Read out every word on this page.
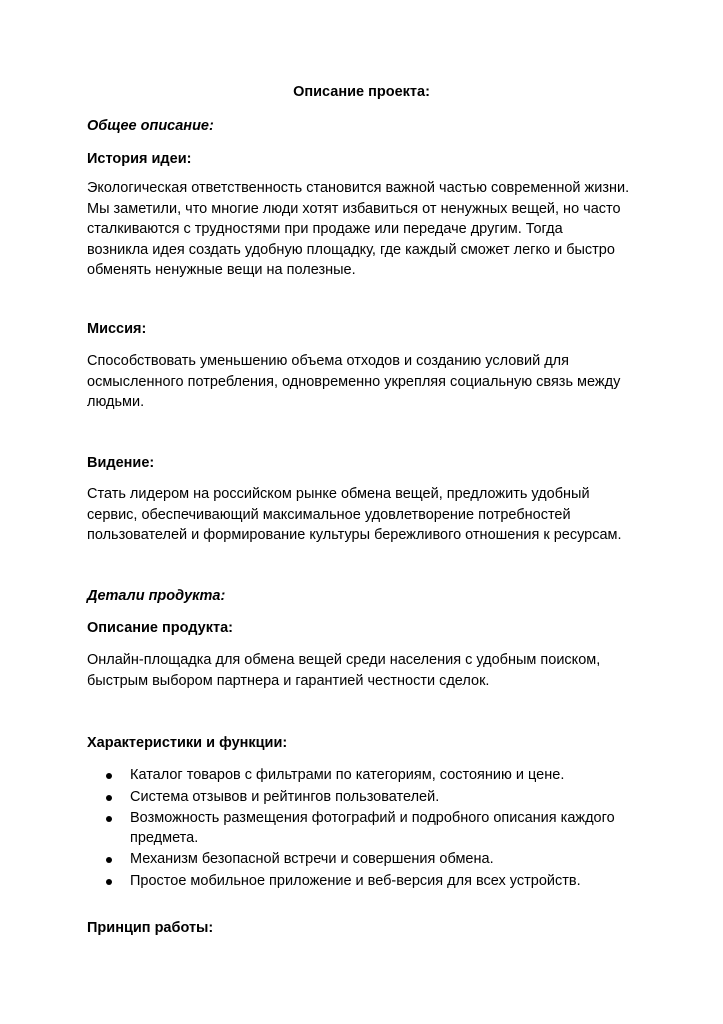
Описание проекта:
Общее описание:
История идеи:
Экологическая ответственность становится важной частью современной жизни.
Мы заметили, что многие люди хотят избавиться от ненужных вещей, но часто
сталкиваются с трудностями при продаже или передаче другим. Тогда
возникла идея создать удобную площадку, где каждый сможет легко и быстро
обменять ненужные вещи на полезные.
Миссия:
Способствовать уменьшению объема отходов и созданию условий для
осмысленного потребления, одновременно укрепляя социальную связь между
людьми.
Видение:
Стать лидером на российском рынке обмена вещей, предложить удобный
сервис, обеспечивающий максимальное удовлетворение потребностей
пользователей и формирование культуры бережливого отношения к ресурсам.
Детали продукта:
Описание продукта:
Онлайн-площадка для обмена вещей среди населения с удобным поиском,
быстрым выбором партнера и гарантией честности сделок.
Характеристики и функции:
Каталог товаров с фильтрами по категориям, состоянию и цене.
Система отзывов и рейтингов пользователей.
Возможность размещения фотографий и подробного описания каждого предмета.
Механизм безопасной встречи и совершения обмена.
Простое мобильное приложение и веб-версия для всех устройств.
Принцип работы:
